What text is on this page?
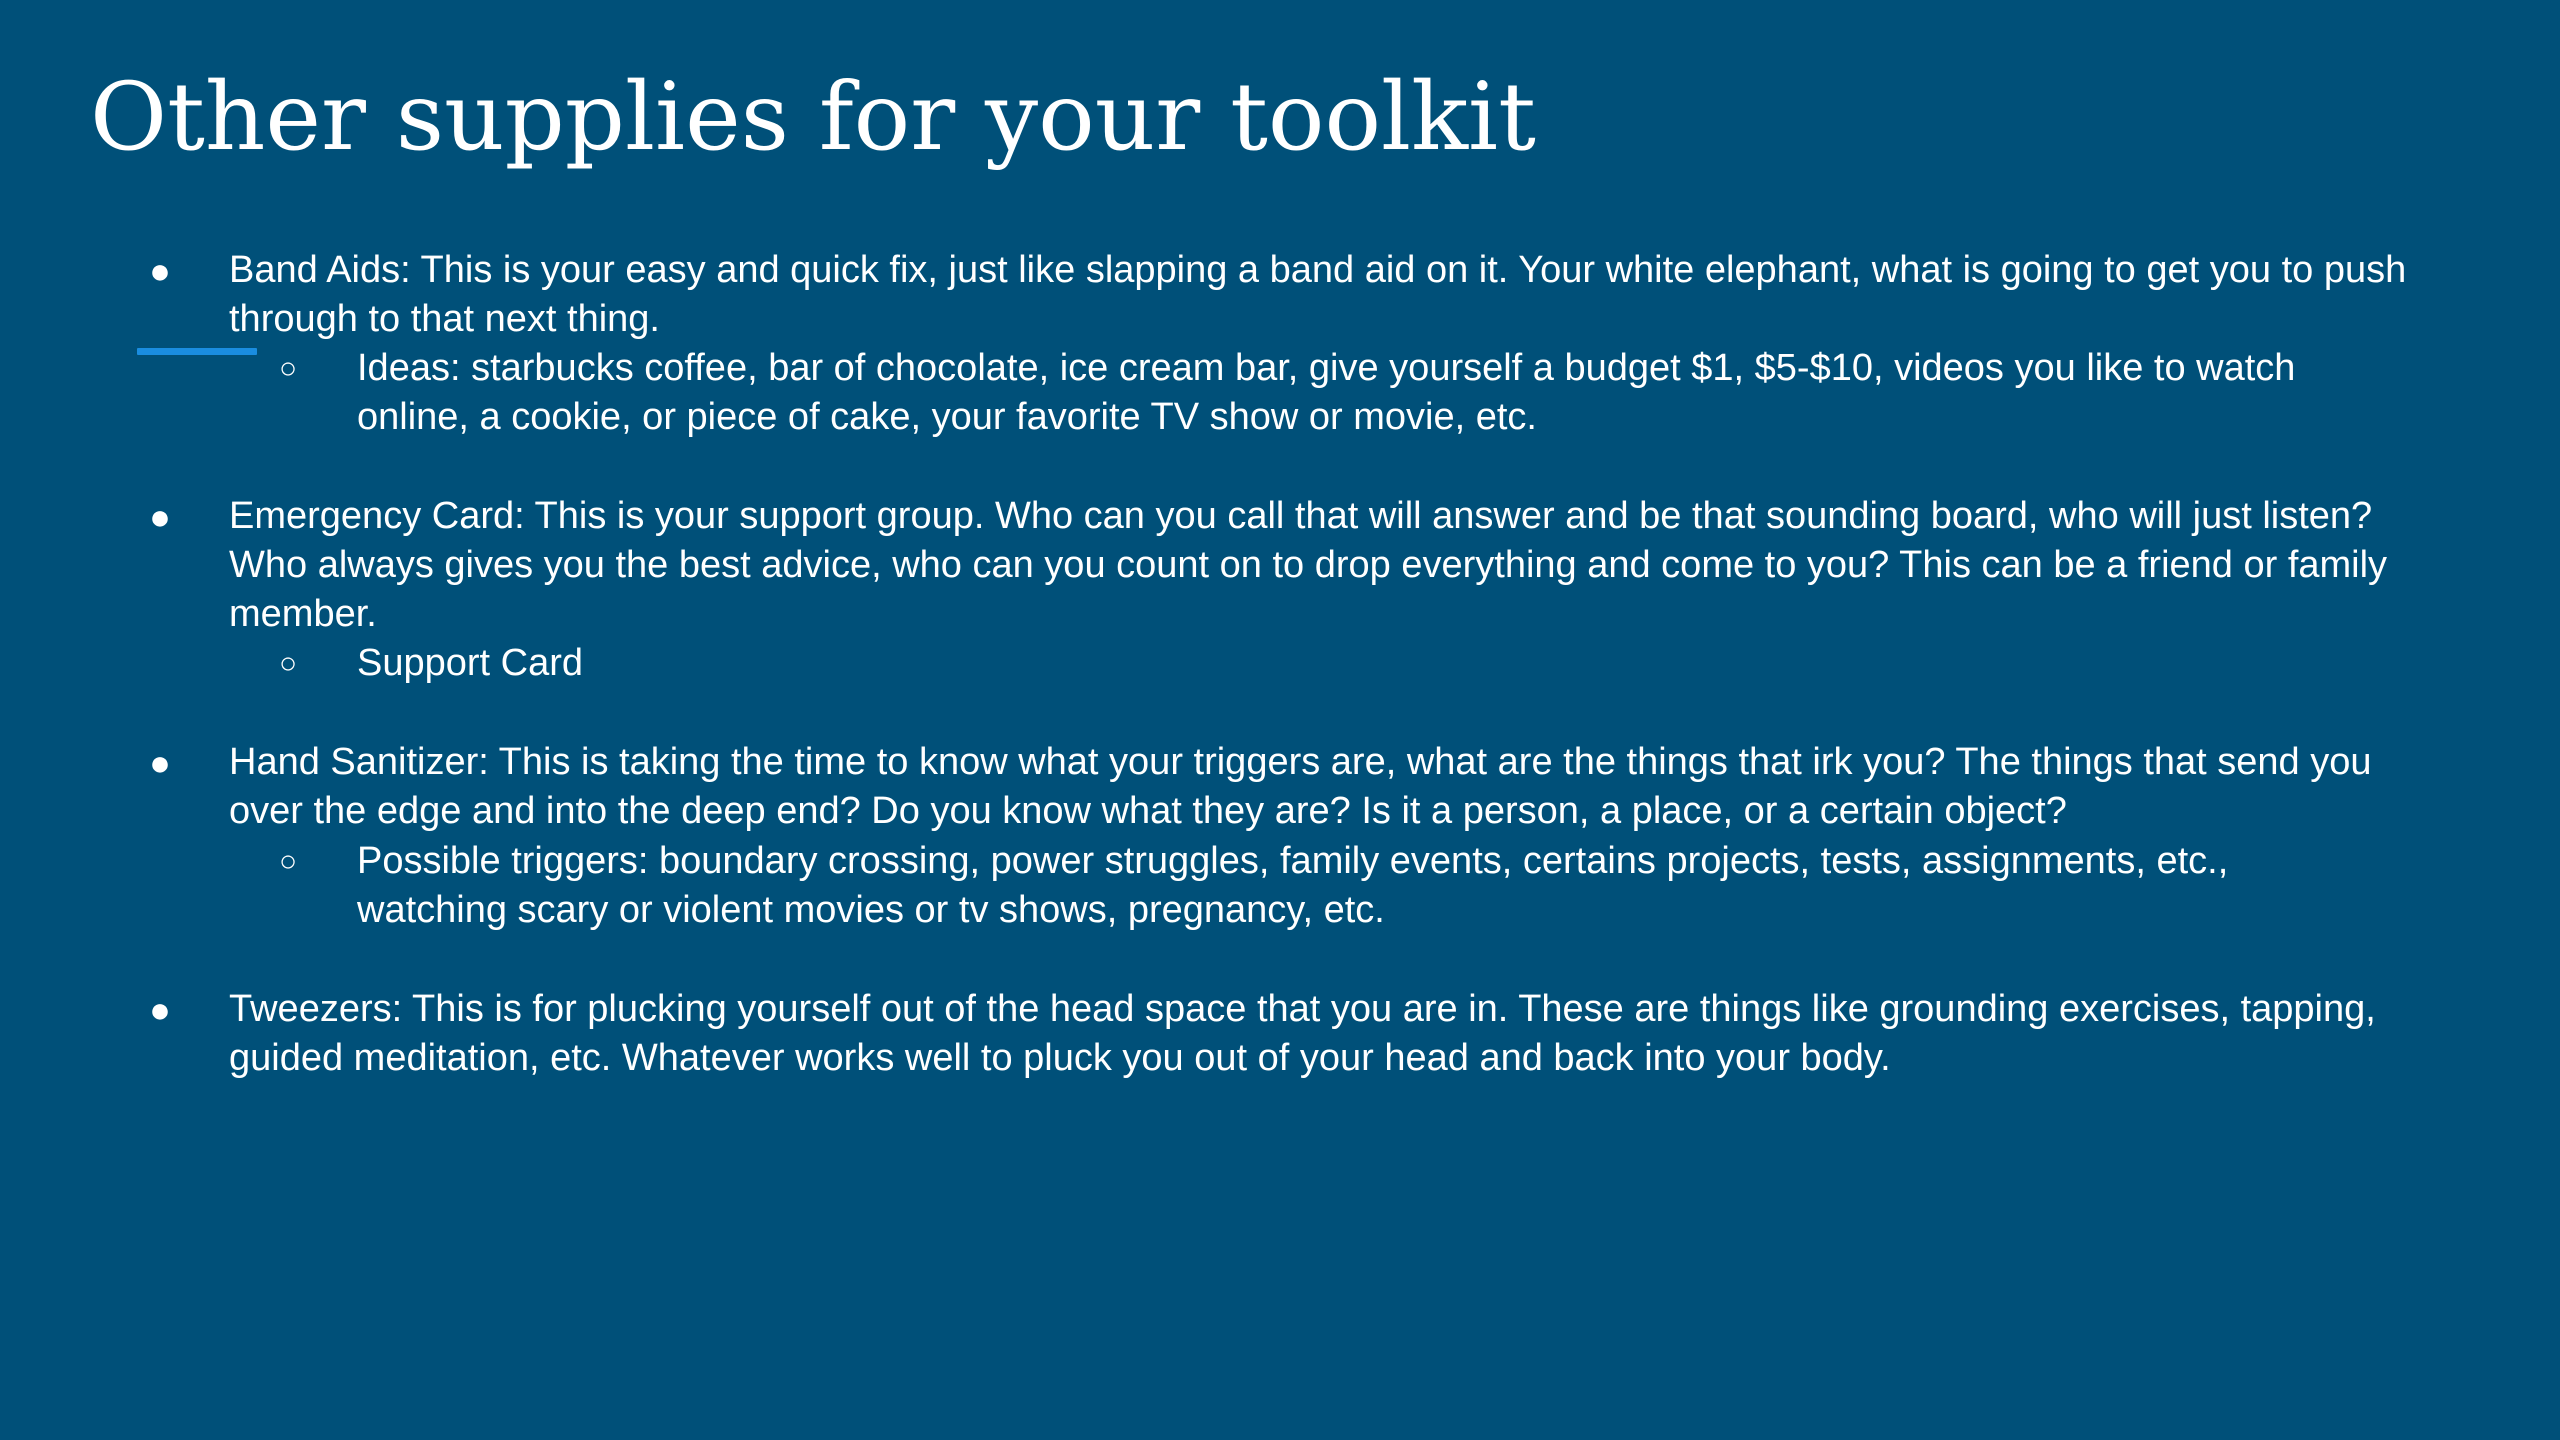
Other supplies for your toolkit
● Band Aids: This is your easy and quick fix, just like slapping a band aid on it. Your white elephant, what is going to get you to push through to that next thing.

○ Ideas: starbucks coffee, bar of chocolate, ice cream bar, give yourself a budget $1, $5-$10, videos you like to watch online, a cookie, or piece of cake, your favorite TV show or movie, etc.

● Emergency Card: This is your support group. Who can you call that will answer and be that sounding board, who will just listen? Who always gives you the best advice, who can you count on to drop everything and come to you? This can be a friend or family member.

○ Support Card

● Hand Sanitizer: This is taking the time to know what your triggers are, what are the things that irk you? The things that send you over the edge and into the deep end? Do you know what they are? Is it a person, a place, or a certain object?

○ Possible triggers: boundary crossing, power struggles, family events, certains projects, tests, assignments, etc., watching scary or violent movies or tv shows, pregnancy, etc.

● Tweezers: This is for plucking yourself out of the head space that you are in. These are things like grounding exercises, tapping, guided meditation, etc. Whatever works well to pluck you out of your head and back into your body.
